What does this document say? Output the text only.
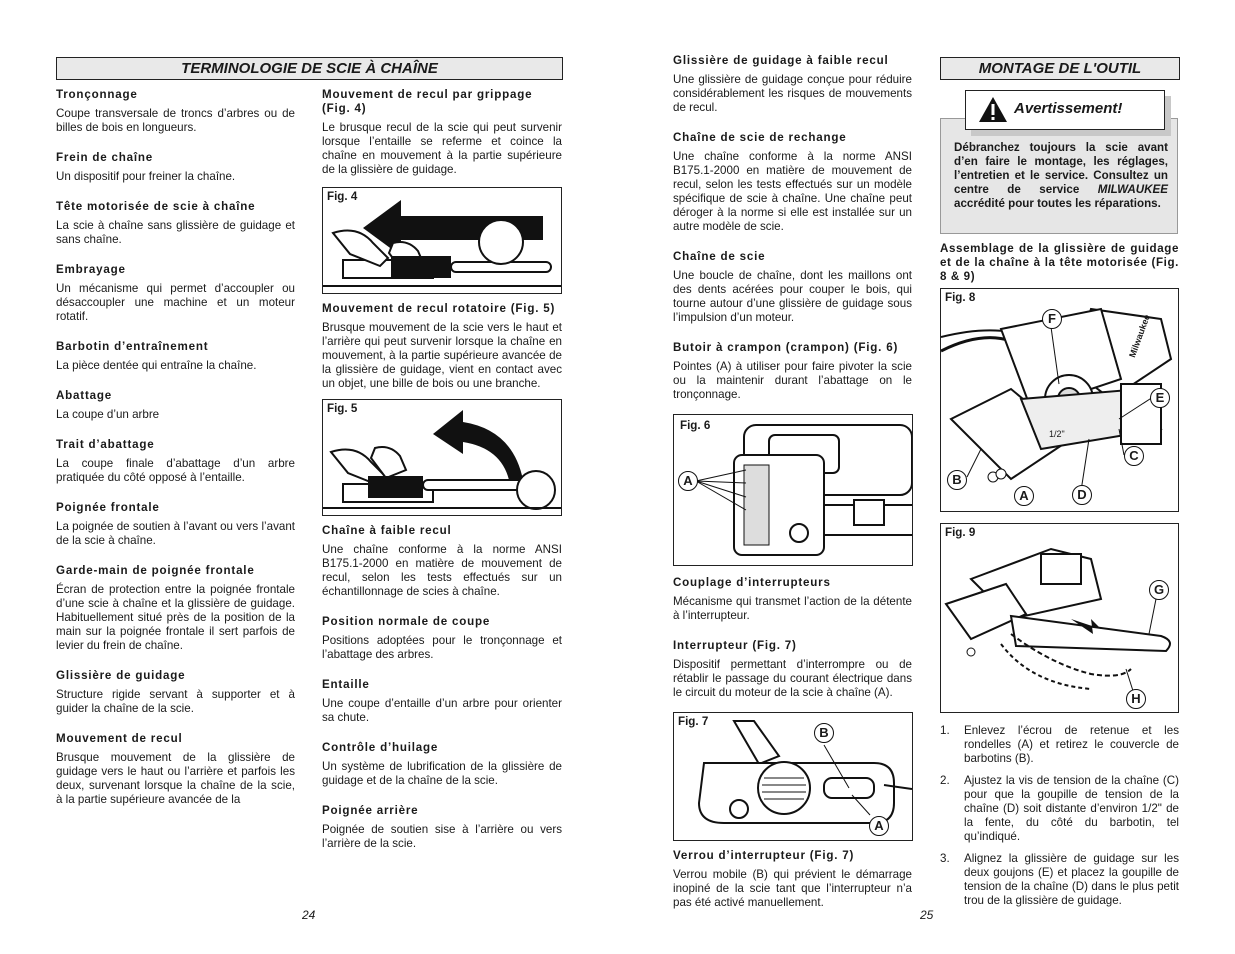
TERMINOLOGIE DE SCIE À CHAÎNE
Tronçonnage

Coupe transversale de troncs d’arbres ou de billes de bois en longueurs.

Frein de chaîne

Un dispositif pour freiner la chaîne.

Tête motorisée de scie à chaîne

La scie à chaîne sans glissière de guidage et sans chaîne.

Embrayage

Un mécanisme qui permet d’accoupler ou désaccoupler une machine et un moteur rotatif.

Barbotin d’entraînement

La pièce dentée qui entraîne la chaîne.

Abattage

La coupe d’un arbre

Trait d’abattage

La coupe finale d’abattage d’un arbre pratiquée du côté opposé à l’entaille.

Poignée frontale

La poignée de soutien à l’avant ou vers l’avant de la scie à chaîne.

Garde-main de poignée frontale

Écran de protection entre la poignée frontale d’une scie à chaîne et la glissière de guidage. Habituellement situé près de la position de la main sur la poignée frontale il sert parfois de levier du frein de chaîne.

Glissière de guidage

Structure rigide servant à supporter et à guider la chaîne de la scie.

Mouvement de recul

Brusque mouvement de la glissière de guidage vers le haut ou l’arrière et parfois les deux, survenant lorsque la chaîne de la scie, à la partie supérieure avancée de la

Mouvement de recul par grippage (Fig. 4)

Le brusque recul de la scie qui peut survenir lorsque l’entaille se referme et coince la chaîne en mouvement à la partie supérieure de la glissière de guidage.

Fig. 4
Mouvement de recul rotatoire (Fig. 5)

Brusque mouvement de la scie vers le haut et l’arrière qui peut survenir lorsque la chaîne en mouvement, à la partie supérieure avancée de la glissière de guidage, vient en contact avec un objet, une bille de bois ou une branche.

Fig. 5
Chaîne à faible recul

Une chaîne conforme à la norme ANSI B175.1-2000 en matière de mouvement de recul, selon les tests effectués sur un échantillonnage de scies à chaîne.

Position normale de coupe

Positions adoptées pour le tronçonnage et l’abattage des arbres.

Entaille

Une coupe d’entaille d’un arbre pour orienter sa chute.

Contrôle d’huilage

Un système de lubrification de la glissière de guidage et de la chaîne de la scie.

Poignée arrière

Poignée de soutien sise à l’arrière ou vers l’arrière de la scie.

24
Glissière de guidage à faible recul

Une glissière de guidage conçue pour réduire considérablement les risques de mouvements de recul.

Chaîne de scie de rechange

Une chaîne conforme à la norme ANSI B175.1-2000 en matière de mouvement de recul, selon les tests effectués sur un modèle spécifique de scie à chaîne. Une chaîne peut déroger à la norme si elle est installée sur un autre modèle de scie.

Chaîne de scie

Une boucle de chaîne, dont les maillons ont des dents acérées pour couper le bois, qui tourne autour d’une glissière de guidage sous l’impulsion d’un moteur.

Butoir à crampon (crampon) (Fig. 6)

Pointes (A) à utiliser pour faire pivoter la scie ou la maintenir durant l’abattage on le tronçonnage.

Fig. 6
A
Couplage d’interrupteurs

Mécanisme qui transmet l’action de la détente à l’interrupteur.

Interrupteur (Fig. 7)

Dispositif permettant d’interrompre ou de rétablir le passage du courant électrique dans le circuit du moteur de la scie à chaîne (A).

Fig. 7
B
A
Verrou d’interrupteur (Fig. 7)

Verrou mobile (B) qui prévient le démarrage inopiné de la scie tant que l’interrupteur n’a pas été activé manuellement.

MONTAGE DE L'OUTIL
Débranchez toujours la scie avant d’en faire le montage, les réglages, l’entretien et le service. Consultez un centre de service MILWAUKEE accrédité pour toutes les réparations.
Avertissement!
Assemblage de la glissière de guidage et de la chaîne à la tête motorisée (Fig. 8 & 9)
Fig. 8
Milwaukee
1/2"
F
E
C
B
A	D
Fig. 9
G
H
1. Enlevez l’écrou de retenue et les rondelles (A) et retirez le couvercle de barbotins (B).
2. Ajustez la vis de tension de la chaîne (C) pour que la goupille de tension de la chaîne (D) soit distante d’environ 1/2" de la fente, du côté du barbotin, tel qu’indiqué.
3. Alignez la glissière de guidage sur les deux goujons (E) et placez la goupille de tension de la chaîne (D) dans le plus petit trou de la glissière de guidage.
25
